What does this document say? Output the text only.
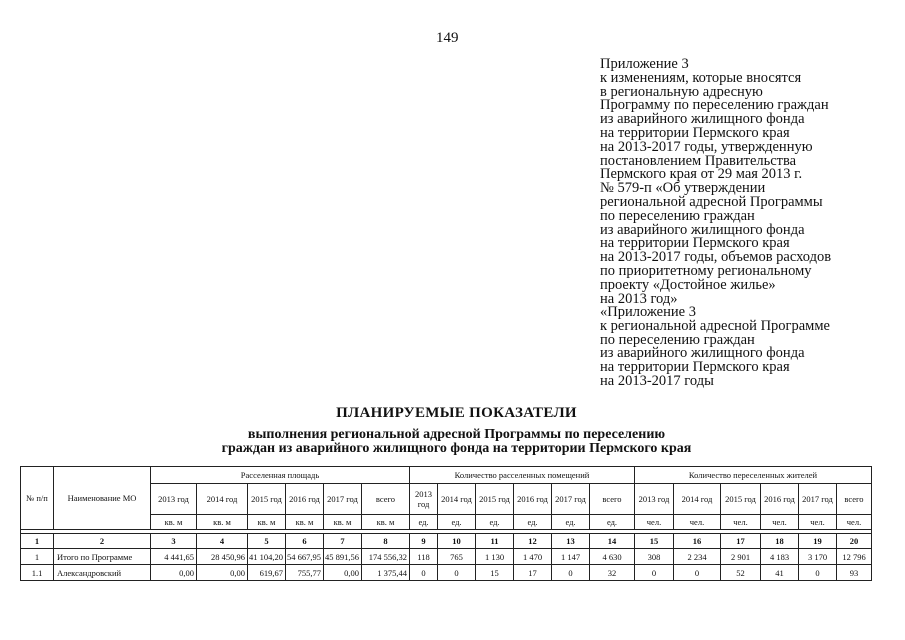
149
Приложение 3
к изменениям, которые вносятся
в региональную адресную
Программу по переселению граждан
из аварийного жилищного фонда
на территории Пермского края
на 2013-2017 годы, утвержденную
постановлением Правительства
Пермского края от 29 мая 2013 г.
№ 579-п «Об утверждении
региональной адресной Программы
по переселению граждан
из аварийного жилищного фонда
на территории Пермского края
на 2013-2017 годы, объемов расходов
по приоритетному региональному
проекту «Достойное жилье»
на 2013 год»
«Приложение 3
к региональной адресной Программе
по переселению граждан
из аварийного жилищного фонда
на территории Пермского края
на 2013-2017 годы
ПЛАНИРУЕМЫЕ ПОКАЗАТЕЛИ
выполнения региональной адресной Программы по переселению
граждан из аварийного жилищного фонда на территории Пермского края
№ п/п	Наименование МО	Расселенная площадь						Количество расселенных помещений						Количество переселенных жителей					
		2013 год	2014 год	2015 год	2016 год	2017 год	всего	2013 год	2014 год	2015 год	2016 год	2017 год	всего	2013 год	2014 год	2015 год	2016 год	2017 год	всего
		кв. м	кв. м	кв. м	кв. м	кв. м	кв. м	ед.	ед.	ед.	ед.	ед.	ед.	чел.	чел.	чел.	чел.	чел.	чел.

1	2	3	4	5	6	7	8	9	10	11	12	13	14	15	16	17	18	19	20
1	Итого по Программе	4 441,65	28 450,96	41 104,20	54 667,95	45 891,56	174 556,32	118	765	1 130	1 470	1 147	4 630	308	2 234	2 901	4 183	3 170	12 796
1.1	Александровский	0,00	0,00	619,67	755,77	0,00	1 375,44	0	0	15	17	0	32	0	0	52	41	0	93
